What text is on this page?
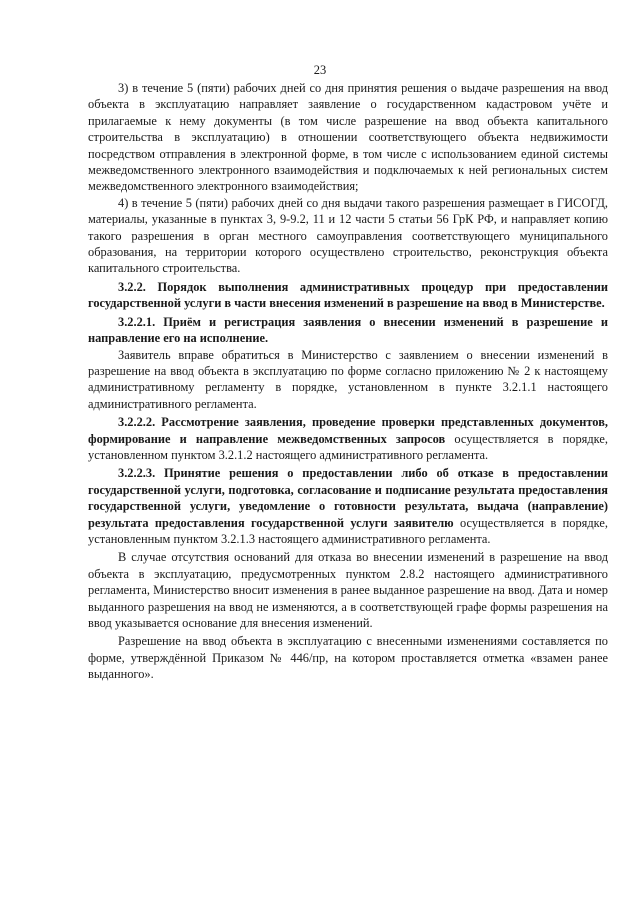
23

3) в течение 5 (пяти) рабочих дней со дня принятия решения о выдаче разрешения на ввод объекта в эксплуатацию направляет заявление о государственном кадастровом учёте и прилагаемые к нему документы (в том числе разрешение на ввод объекта капитального строительства в эксплуатацию) в отношении соответствующего объекта недвижимости посредством отправления в электронной форме, в том числе с использованием единой системы межведомственного электронного взаимодействия и подключаемых к ней региональных систем межведомственного электронного взаимодействия;

4) в течение 5 (пяти) рабочих дней со дня выдачи такого разрешения размещает в ГИСОГД, материалы, указанные в пунктах 3, 9-9.2, 11 и 12 части 5 статьи 56 ГрК РФ, и направляет копию такого разрешения в орган местного самоуправления соответствующего муниципального образования, на территории которого осуществлено строительство, реконструкция объекта капитального строительства.

3.2.2. Порядок выполнения административных процедур при предоставлении государственной услуги в части внесения изменений в разрешение на ввод в Министерстве.

3.2.2.1. Приём и регистрация заявления о внесении изменений в разрешение и направление его на исполнение.

Заявитель вправе обратиться в Министерство с заявлением о внесении изменений в разрешение на ввод объекта в эксплуатацию по форме согласно приложению № 2 к настоящему административному регламенту в порядке, установленном в пункте 3.2.1.1 настоящего административного регламента.

3.2.2.2. Рассмотрение заявления, проведение проверки представленных документов, формирование и направление межведомственных запросов осуществляется в порядке, установленном пунктом 3.2.1.2 настоящего административного регламента.

3.2.2.3. Принятие решения о предоставлении либо об отказе в предоставлении государственной услуги, подготовка, согласование и подписание результата предоставления государственной услуги, уведомление о готовности результата, выдача (направление) результата предоставления государственной услуги заявителю осуществляется в порядке, установленным пунктом 3.2.1.3 настоящего административного регламента.

В случае отсутствия оснований для отказа во внесении изменений в разрешение на ввод объекта в эксплуатацию, предусмотренных пунктом 2.8.2 настоящего административного регламента, Министерство вносит изменения в ранее выданное разрешение на ввод. Дата и номер выданного разрешения на ввод не изменяются, а в соответствующей графе формы разрешения на ввод указывается основание для внесения изменений.

Разрешение на ввод объекта в эксплуатацию с внесенными изменениями составляется по форме, утверждённой Приказом № 446/пр, на котором проставляется отметка «взамен ранее выданного».
